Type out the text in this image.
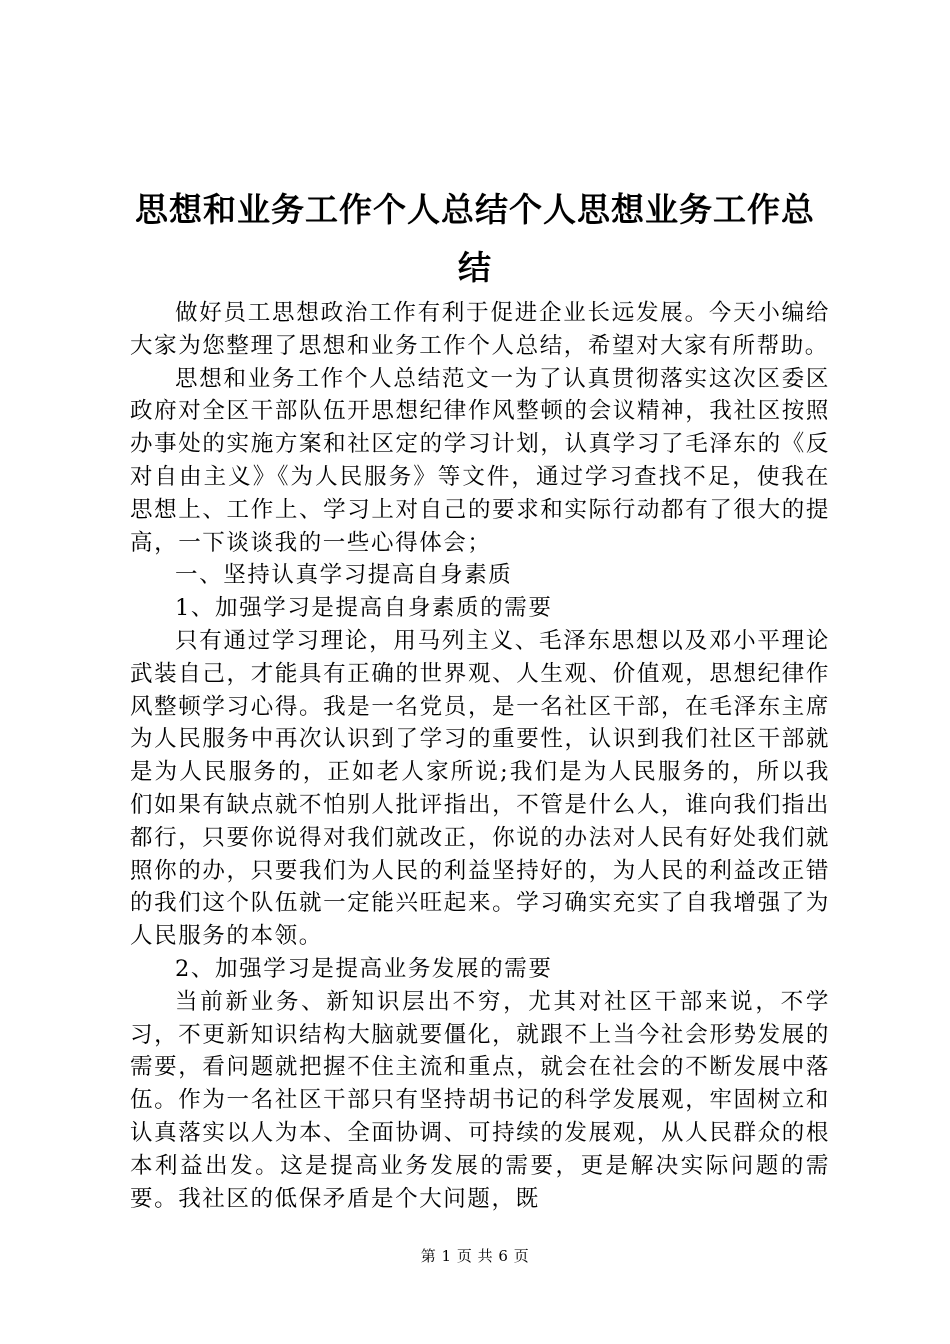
思想和业务工作个人总结个人思想业务工作总
结

做好员工思想政治工作有利于促进企业长远发展。今天小编给大家为您整理了思想和业务工作个人总结，希望对大家有所帮助。

思想和业务工作个人总结范文一为了认真贯彻落实这次区委区政府对全区干部队伍开思想纪律作风整顿的会议精神，我社区按照办事处的实施方案和社区定的学习计划，认真学习了毛泽东的《反对自由主义》《为人民服务》等文件，通过学习查找不足，使我在思想上、工作上、学习上对自己的要求和实际行动都有了很大的提高，一下谈谈我的一些心得体会；

一、坚持认真学习提高自身素质

1、加强学习是提高自身素质的需要

只有通过学习理论，用马列主义、毛泽东思想以及邓小平理论武装自己，才能具有正确的世界观、人生观、价值观，思想纪律作风整顿学习心得。我是一名党员，是一名社区干部，在毛泽东主席为人民服务中再次认识到了学习的重要性，认识到我们社区干部就是为人民服务的，正如老人家所说;我们是为人民服务的，所以我们如果有缺点就不怕别人批评指出，不管是什么人，谁向我们指出都行，只要你说得对我们就改正，你说的办法对人民有好处我们就照你的办，只要我们为人民的利益坚持好的，为人民的利益改正错的我们这个队伍就一定能兴旺起来。学习确实充实了自我增强了为人民服务的本领。

2、加强学习是提高业务发展的需要

当前新业务、新知识层出不穷，尤其对社区干部来说，不学习，不更新知识结构大脑就要僵化，就跟不上当今社会形势发展的需要，看问题就把握不住主流和重点，就会在社会的不断发展中落伍。作为一名社区干部只有坚持胡书记的科学发展观，牢固树立和认真落实以人为本、全面协调、可持续的发展观，从人民群众的根本利益出发。这是提高业务发展的需要，更是解决实际问题的需要。我社区的低保矛盾是个大问题，既

第 1 页 共 6 页
